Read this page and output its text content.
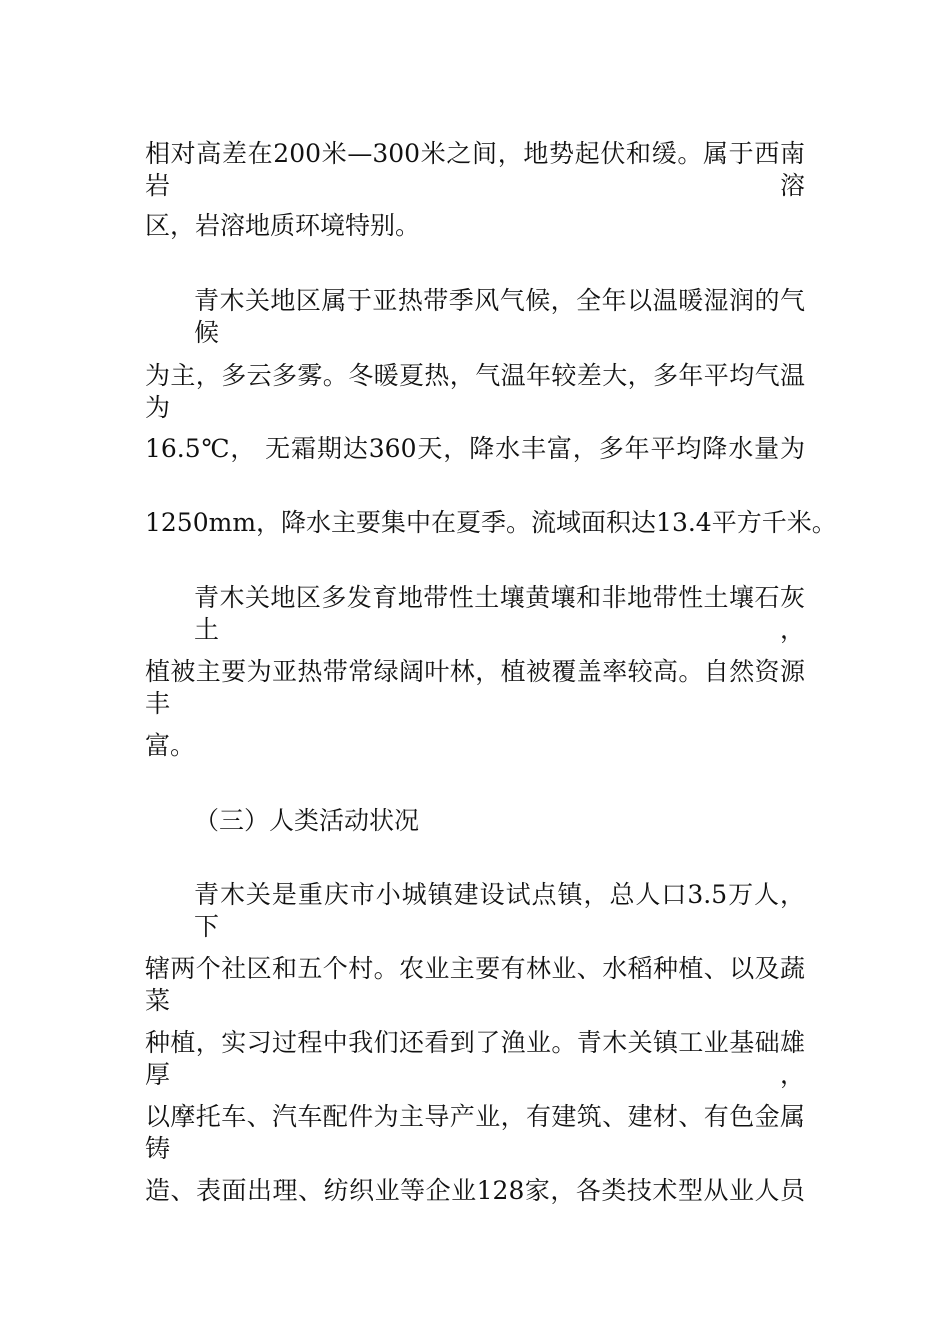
相对高差在200米—300米之间，地势起伏和缓。属于西南岩溶
区，岩溶地质环境特别。
青木关地区属于亚热带季风气候，全年以温暖湿润的气候
为主，多云多雾。冬暖夏热，气温年较差大，多年平均气温为
16.5℃， 无霜期达360天，降水丰富，多年平均降水量为
1250mm，降水主要集中在夏季。流域面积达13.4平方千米。
青木关地区多发育地带性土壤黄壤和非地带性土壤石灰土，
植被主要为亚热带常绿阔叶林，植被覆盖率较高。自然资源丰
富。
（三）人类活动状况
青木关是重庆市小城镇建设试点镇，总人口3.5万人，下
辖两个社区和五个村。农业主要有林业、水稻种植、以及蔬菜
种植，实习过程中我们还看到了渔业。青木关镇工业基础雄厚，
以摩托车、汽车配件为主导产业，有建筑、建材、有色金属铸
造、表面出理、纺织业等企业128家，各类技术型从业人员
